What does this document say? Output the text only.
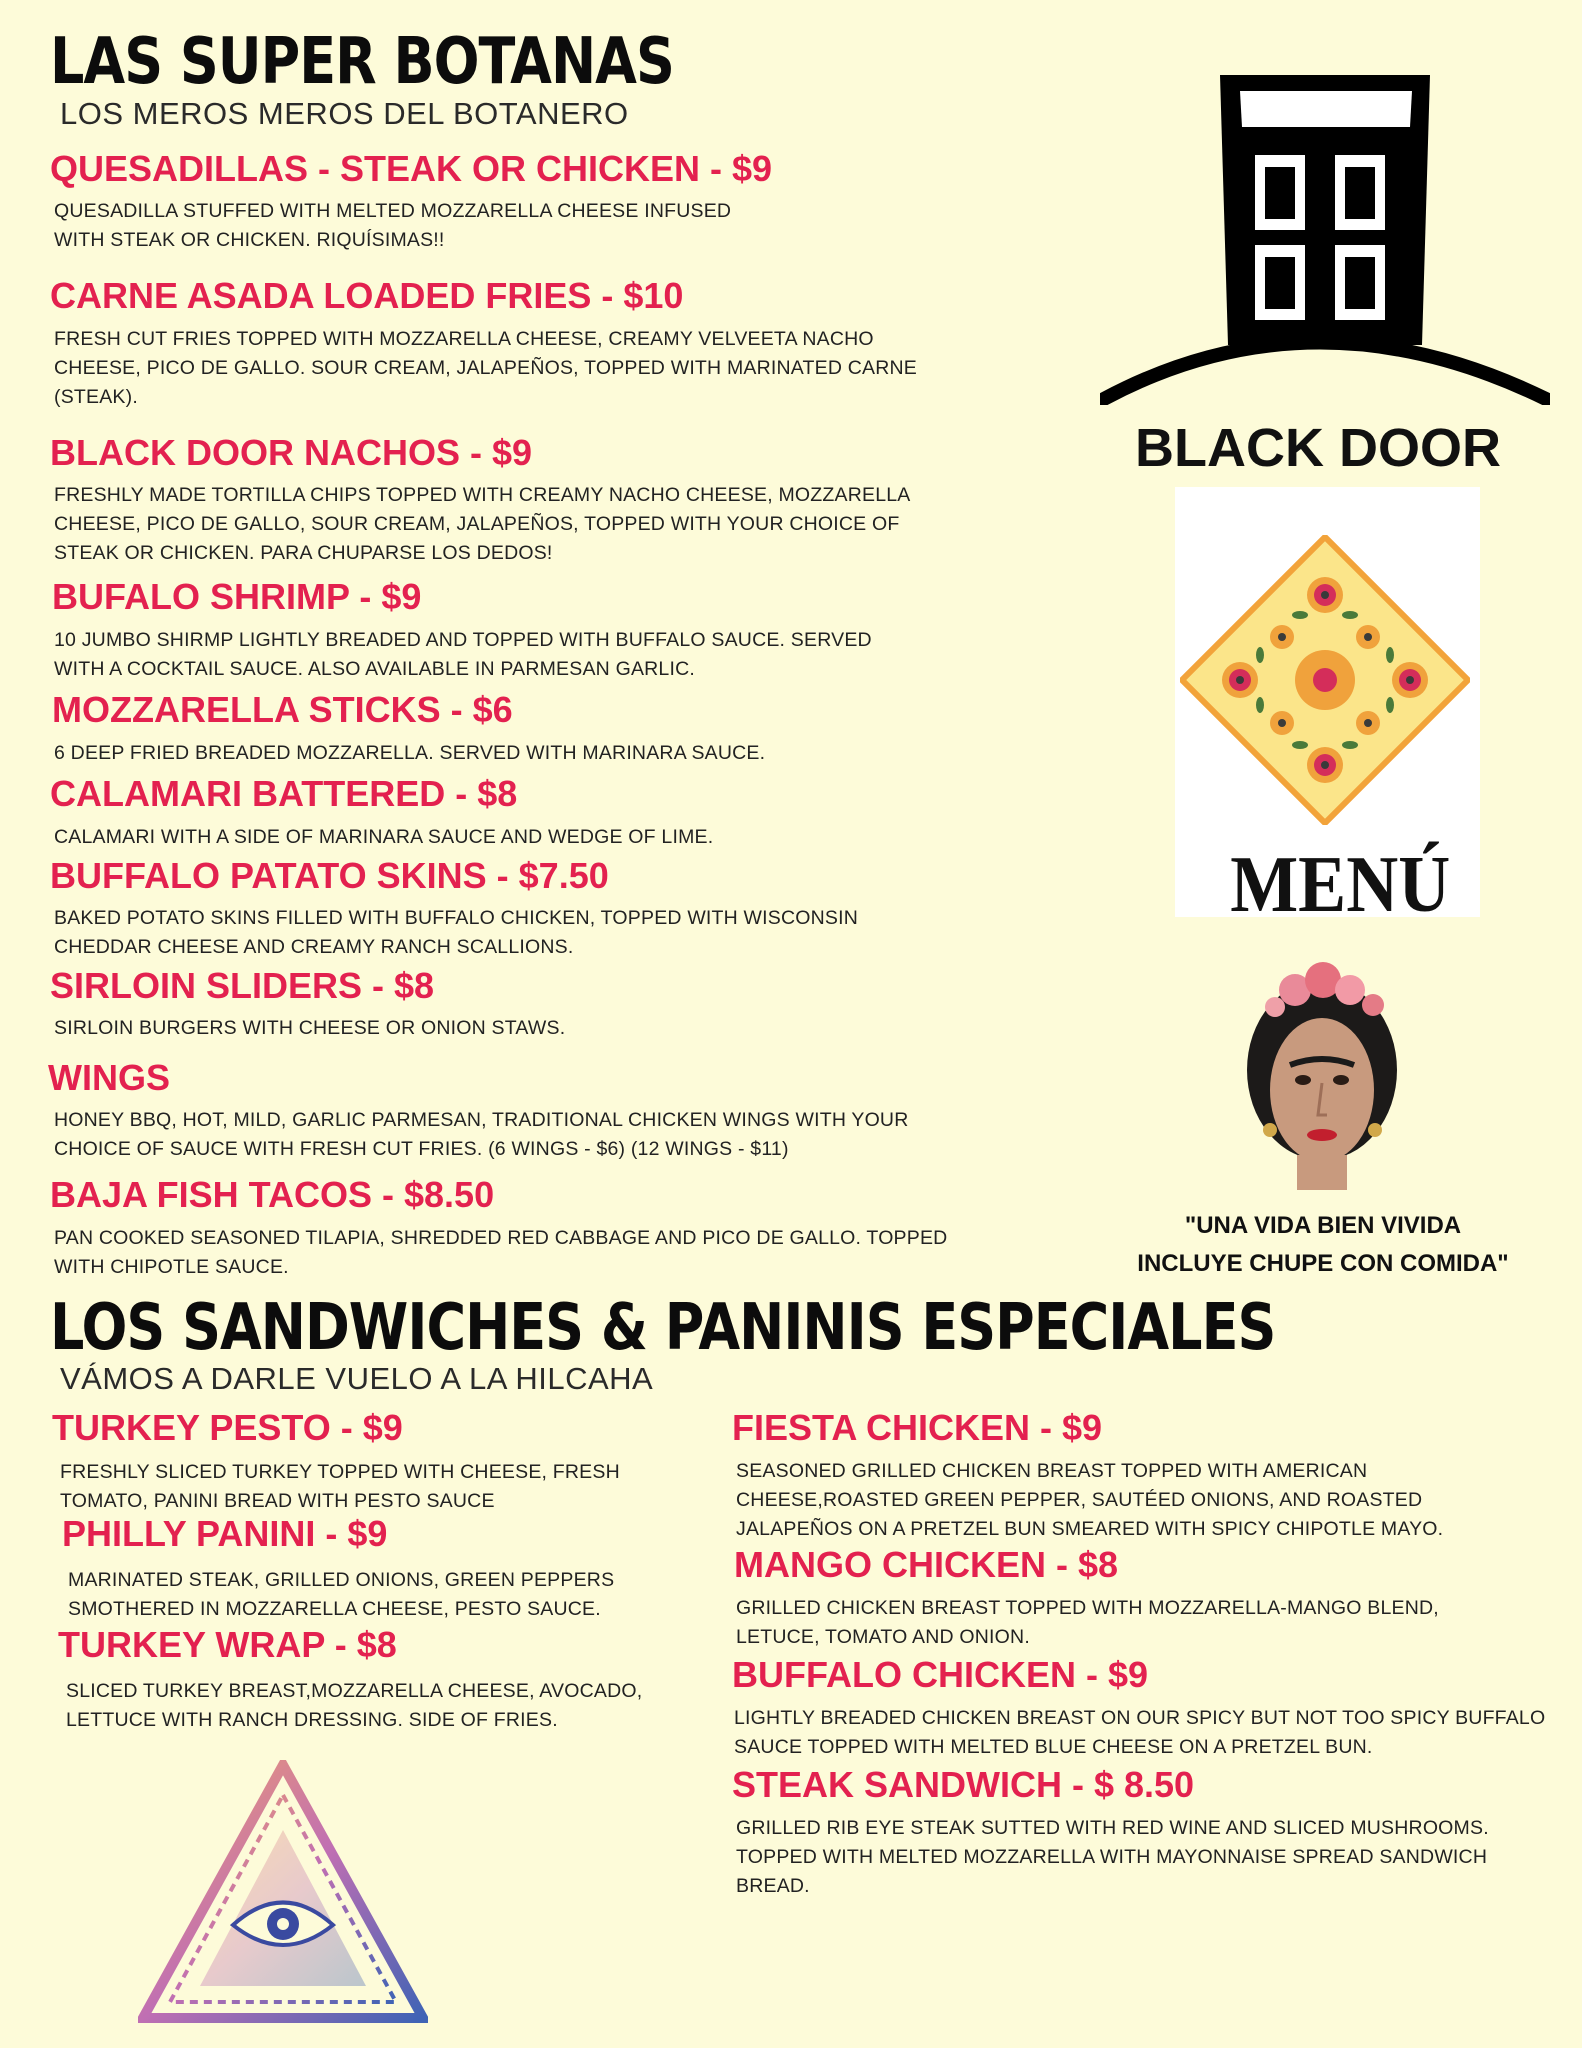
LAS SUPER BOTANAS

LOS MEROS MEROS DEL BOTANERO

QUESADILLAS - STEAK OR CHICKEN - $9

QUESADILLA STUFFED WITH MELTED MOZZARELLA CHEESE INFUSED WITH STEAK OR CHICKEN. RIQUÍSIMAS!!

CARNE ASADA LOADED FRIES - $10

FRESH CUT FRIES TOPPED WITH MOZZARELLA CHEESE, CREAMY VELVEETA NACHO CHEESE, PICO DE GALLO. SOUR CREAM, JALAPEÑOS, TOPPED WITH MARINATED CARNE (STEAK).

BLACK DOOR NACHOS - $9

FRESHLY MADE TORTILLA CHIPS TOPPED WITH CREAMY NACHO CHEESE, MOZZARELLA CHEESE, PICO DE GALLO, SOUR CREAM, JALAPEÑOS, TOPPED WITH YOUR CHOICE OF STEAK OR CHICKEN. PARA CHUPARSE LOS DEDOS!

BUFALO SHRIMP - $9

10 JUMBO SHIRMP LIGHTLY BREADED AND TOPPED WITH BUFFALO SAUCE. SERVED WITH A COCKTAIL SAUCE. ALSO AVAILABLE IN PARMESAN GARLIC.

MOZZARELLA STICKS - $6

6 DEEP FRIED BREADED MOZZARELLA. SERVED WITH MARINARA SAUCE.

CALAMARI BATTERED - $8

CALAMARI WITH A SIDE OF MARINARA SAUCE AND WEDGE OF LIME.

BUFFALO PATATO SKINS - $7.50

BAKED POTATO SKINS FILLED WITH BUFFALO CHICKEN, TOPPED WITH WISCONSIN CHEDDAR CHEESE AND CREAMY RANCH SCALLIONS.

SIRLOIN SLIDERS - $8

SIRLOIN BURGERS WITH CHEESE OR ONION STAWS.

WINGS

HONEY BBQ, HOT, MILD, GARLIC PARMESAN, TRADITIONAL CHICKEN WINGS WITH YOUR CHOICE OF SAUCE WITH FRESH CUT FRIES. (6 WINGS - $6) (12 WINGS - $11)

BAJA FISH TACOS - $8.50

PAN COOKED SEASONED TILAPIA, SHREDDED RED CABBAGE AND PICO DE GALLO. TOPPED WITH CHIPOTLE SAUCE.

BLACK DOOR
MENÚ
"UNA VIDA BIEN VIVIDA
INCLUYE CHUPE CON COMIDA"
LOS SANDWICHES & PANINIS ESPECIALES

VÁMOS A DARLE VUELO A LA HILCAHA

TURKEY PESTO - $9

FRESHLY SLICED TURKEY TOPPED WITH CHEESE, FRESH TOMATO, PANINI BREAD WITH PESTO SAUCE

PHILLY PANINI - $9

MARINATED STEAK, GRILLED ONIONS, GREEN PEPPERS SMOTHERED IN MOZZARELLA CHEESE, PESTO SAUCE.

TURKEY WRAP - $8

SLICED TURKEY BREAST,MOZZARELLA CHEESE, AVOCADO, LETTUCE WITH RANCH DRESSING. SIDE OF FRIES.

FIESTA CHICKEN - $9

SEASONED GRILLED CHICKEN BREAST TOPPED WITH AMERICAN CHEESE,ROASTED GREEN PEPPER, SAUTÉED ONIONS, AND ROASTED JALAPEÑOS ON A PRETZEL BUN SMEARED WITH SPICY CHIPOTLE MAYO.

MANGO CHICKEN - $8

GRILLED CHICKEN BREAST TOPPED WITH MOZZARELLA-MANGO BLEND, LETUCE, TOMATO AND ONION.

BUFFALO CHICKEN - $9

LIGHTLY BREADED CHICKEN BREAST ON OUR SPICY BUT NOT TOO SPICY BUFFALO SAUCE TOPPED WITH MELTED BLUE CHEESE ON A PRETZEL BUN.

STEAK SANDWICH - $ 8.50

GRILLED RIB EYE STEAK SUTTED WITH RED WINE AND SLICED MUSHROOMS. TOPPED WITH MELTED MOZZARELLA WITH MAYONNAISE SPREAD SANDWICH BREAD.
